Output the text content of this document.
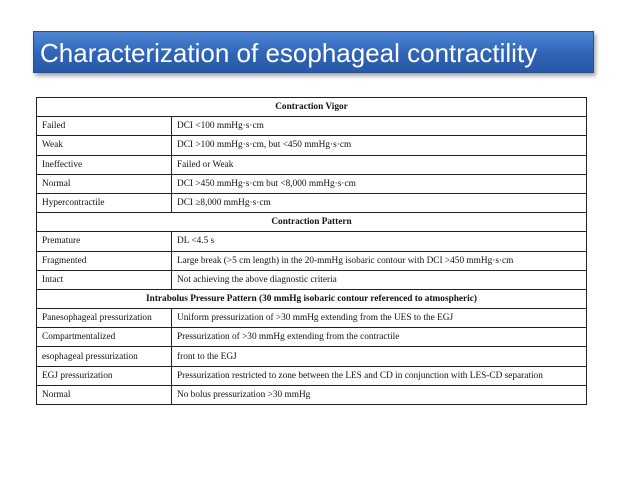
Characterization of esophageal contractility
Contraction Vigor	
Failed	DCI <100 mmHg·s·cm
Weak	DCI >100 mmHg·s·cm, but <450 mmHg·s·cm
Ineffective	Failed or Weak
Normal	DCI >450 mmHg·s·cm but <8,000 mmHg·s·cm
Hypercontractile	DCI ≥8,000 mmHg·s·cm
Contraction Pattern	
Premature	DL <4.5 s
Fragmented	Large break (>5 cm length) in the 20-mmHg isobaric contour with DCI >450 mmHg·s·cm
Intact	Not achieving the above diagnostic criteria
Intrabolus Pressure Pattern (30 mmHg isobaric contour referenced to atmospheric)	
Panesophageal pressurization	Uniform pressurization of >30 mmHg extending from the UES to the EGJ
Compartmentalized	Pressurization of >30 mmHg extending from the contractile
esophageal pressurization	front to the EGJ
EGJ pressurization	Pressurization restricted to zone between the LES and CD in conjunction with LES-CD separation
Normal	No bolus pressurization >30 mmHg
